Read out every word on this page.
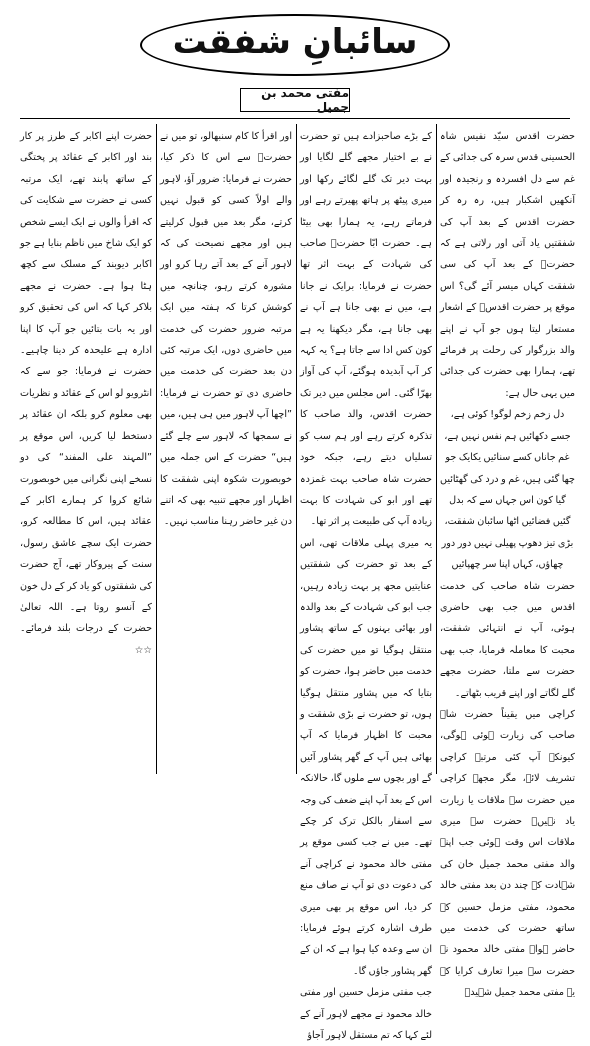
سائبانِ شفقت
مفتی محمد بن جمیل

حضرت اقدس سیّد نفیس شاہ الحسینی قدس سرہ کی جدائی کے غم سے دل افسردہ و رنجیدہ اور آنکھیں اشکبار ہیں، رہ رہ کر حضرت اقدس کے بعد آپ کی شفقتیں یاد آتی اور رلاتی ہے کہ حضرتؒ کے بعد آپ کی سی شفقت کہاں میسر آئے گی؟ اس موقع پر حضرت اقدسؒ کے اشعار مستعار لیتا ہوں جو آپ نے اپنے والد بزرگوار کی رحلت پر فرمائے تھے، ہمارا بھی حضرت کی جدائی میں یہی حال ہے:

دل زخم زخم لوگو! کوئی ہے، جسے دکھائیں ہم نفس نہیں ہے، غم جاناں کسے سنائیں یکایک جو چھا گئی ہیں، غم و درد کی گھٹائیں گیا کون اس جہاں سے کہ بدل گئیں فضائیں اٹھا سائبان شفقت، بڑی تیز دھوپ پھیلی نہیں دور دور چھاؤں، کہاں اپنا سر چھپائیں

حضرت شاہ صاحب کی خدمت اقدس میں جب بھی حاضری ہوئی، آپ نے انتہائی شفقت، محبت کا معاملہ فرمایا، جب بھی حضرت سے ملتا، حضرت مجھے گلے لگاتے اور اپنے قریب بٹھاتے۔

کراچی میں یقیناً حضرت شاہ صاحب کی زیارت ہوئی ہوگی، کیونکہ آپ کئی مرتبہ کراچی تشریف لائے، مگر مجھے کراچی میں حضرت سے ملاقات یا زیارت یاد نہیں۔ حضرت سے میری ملاقات اس وقت ہوئی جب اپنے والد مفتی محمد جمیل خان کی شہادت کے چند دن بعد مفتی خالد محمود، مفتی مزمل حسین کے ساتھ حضرت کی خدمت میں حاضر ہوا۔ مفتی خالد محمود نے حضرت سے میرا تعارف کرایا کہ یہ مفتی محمد جمیل شہیدؒ

کے بڑے صاحبزادے ہیں تو حضرت نے بے اختیار مجھے گلے لگایا اور بہت دیر تک گلے لگائے رکھا اور میری پیٹھ پر ہاتھ پھیرتے رہے اور فرماتے رہے، یہ ہمارا بھی بیٹا ہے۔ حضرت ابّا حضرتؒ صاحب کی شہادت کے بہت اثر تھا حضرت نے فرمایا: برایک نے جانا ہے، میں نے بھی جانا ہے آپ نے بھی جانا ہے، مگر دیکھنا یہ ہے کون کس ادا سے جاتا ہے؟ یہ کہہ کر آپ آبدیدہ ہوگئے، آپ کی آواز بھرّا گئی۔ اس مجلس میں دیر تک حضرت اقدس، والد صاحب کا تذکرہ کرتے رہے اور ہم سب کو تسلیاں دیتے رہے، جبکہ خود حضرت شاہ صاحب بہت غمزدہ تھے اور ابو کی شہادت کا بہت زیادہ آپ کی طبیعت پر اثر تھا۔

یہ میری پہلی ملاقات تھی، اس کے بعد تو حضرت کی شفقتیں عنایتیں مجھ پر بہت زیادہ رہیں، جب ابو کی شہادت کے بعد والدہ اور بھائی بہنوں کے ساتھ پشاور منتقل ہوگیا تو میں حضرت کی خدمت میں حاضر ہوا، حضرت کو بتایا کہ میں پشاور منتقل ہوگیا ہوں، تو حضرت نے بڑی شفقت و محبت کا اظہار فرمایا کہ آپ بھائی ہیں آپ کے گھر پشاور آئیں گے اور بچوں سے ملوں گا، حالانکہ اس کے بعد آپ اپنے ضعف کی وجہ سے اسفار بالکل ترک کر چکے تھے۔ میں نے جب کسی موقع پر مفتی خالد محمود نے کراچی آنے کی دعوت دی تو آپ نے صاف منع کر دیا، اس موقع پر بھی میری طرف اشارہ کرتے ہوئے فرمایا: ان سے وعدہ کیا ہوا ہے کہ ان کے گھر پشاور جاؤں گا۔

جب مفتی مزمل حسین اور مفتی خالد محمود نے مجھے لاہور آنے کے لئے کہا کہ تم مستقل لاہور آجاؤ

اور اقرأ کا کام سنبھالو، تو میں نے حضرتؒ سے اس کا ذکر کیا، حضرت نے فرمایا: ضرور آؤ، لاہور والے اولاً کسی کو قبول نہیں کرتے، مگر بعد میں قبول کرلیتے ہیں اور مجھے نصیحت کی کہ لاہور آنے کے بعد آتے رہا کرو اور مشورہ کرتے رہو، چنانچہ میں کوشش کرتا کہ ہفتہ میں ایک مرتبہ ضرور حضرت کی خدمت میں حاضری دوں، ایک مرتبہ کئی دن بعد حضرت کی خدمت میں حاضری دی تو حضرت نے فرمایا: ”اچھا آپ لاہور میں ہی ہیں، میں نے سمجھا کہ لاہور سے چلے گئے ہیں“ حضرت کے اس جملہ میں خوبصورت شکوہ اپنی شفقت کا اظہار اور مجھے تنبیہ بھی کہ اتنے دن غیر حاضر رہنا مناسب نہیں۔

حضرت اپنے اکابر کے طرز پر کار بند اور اکابر کے عقائد پر پختگی کے ساتھ پابند تھے، ایک مرتبہ کسی نے حضرت سے شکایت کی کہ اقرأ والوں نے ایک ایسے شخص کو ایک شاخ میں ناظم بنایا ہے جو اکابر دیوبند کے مسلک سے کچھ ہٹا ہوا ہے۔ حضرت نے مجھے بلاکر کہا کہ اس کی تحقیق کرو اور یہ بات بتائیں جو آپ کا اپنا ادارہ ہے علیحدہ کر دینا چاہیے۔ حضرت نے فرمایا: جو سے کہ انٹرویو لو اس کے عقائد و نظریات بھی معلوم کرو بلکہ ان عقائد پر دستخط لیا کریں، اس موقع پر ”المہند علی المفند“ کی دو نسخے اپنی نگرانی میں خوبصورت شائع کروا کر ہمارے اکابر کے عقائد ہیں، اس کا مطالعہ کرو، حضرت ایک سچے عاشق رسول، سنت کے پیروکار تھے، آج حضرت کی شفقتوں کو یاد کر کے دل خون کے آنسو روتا ہے۔ اللہ تعالیٰ حضرت کے درجات بلند فرمائے۔ ☆☆
